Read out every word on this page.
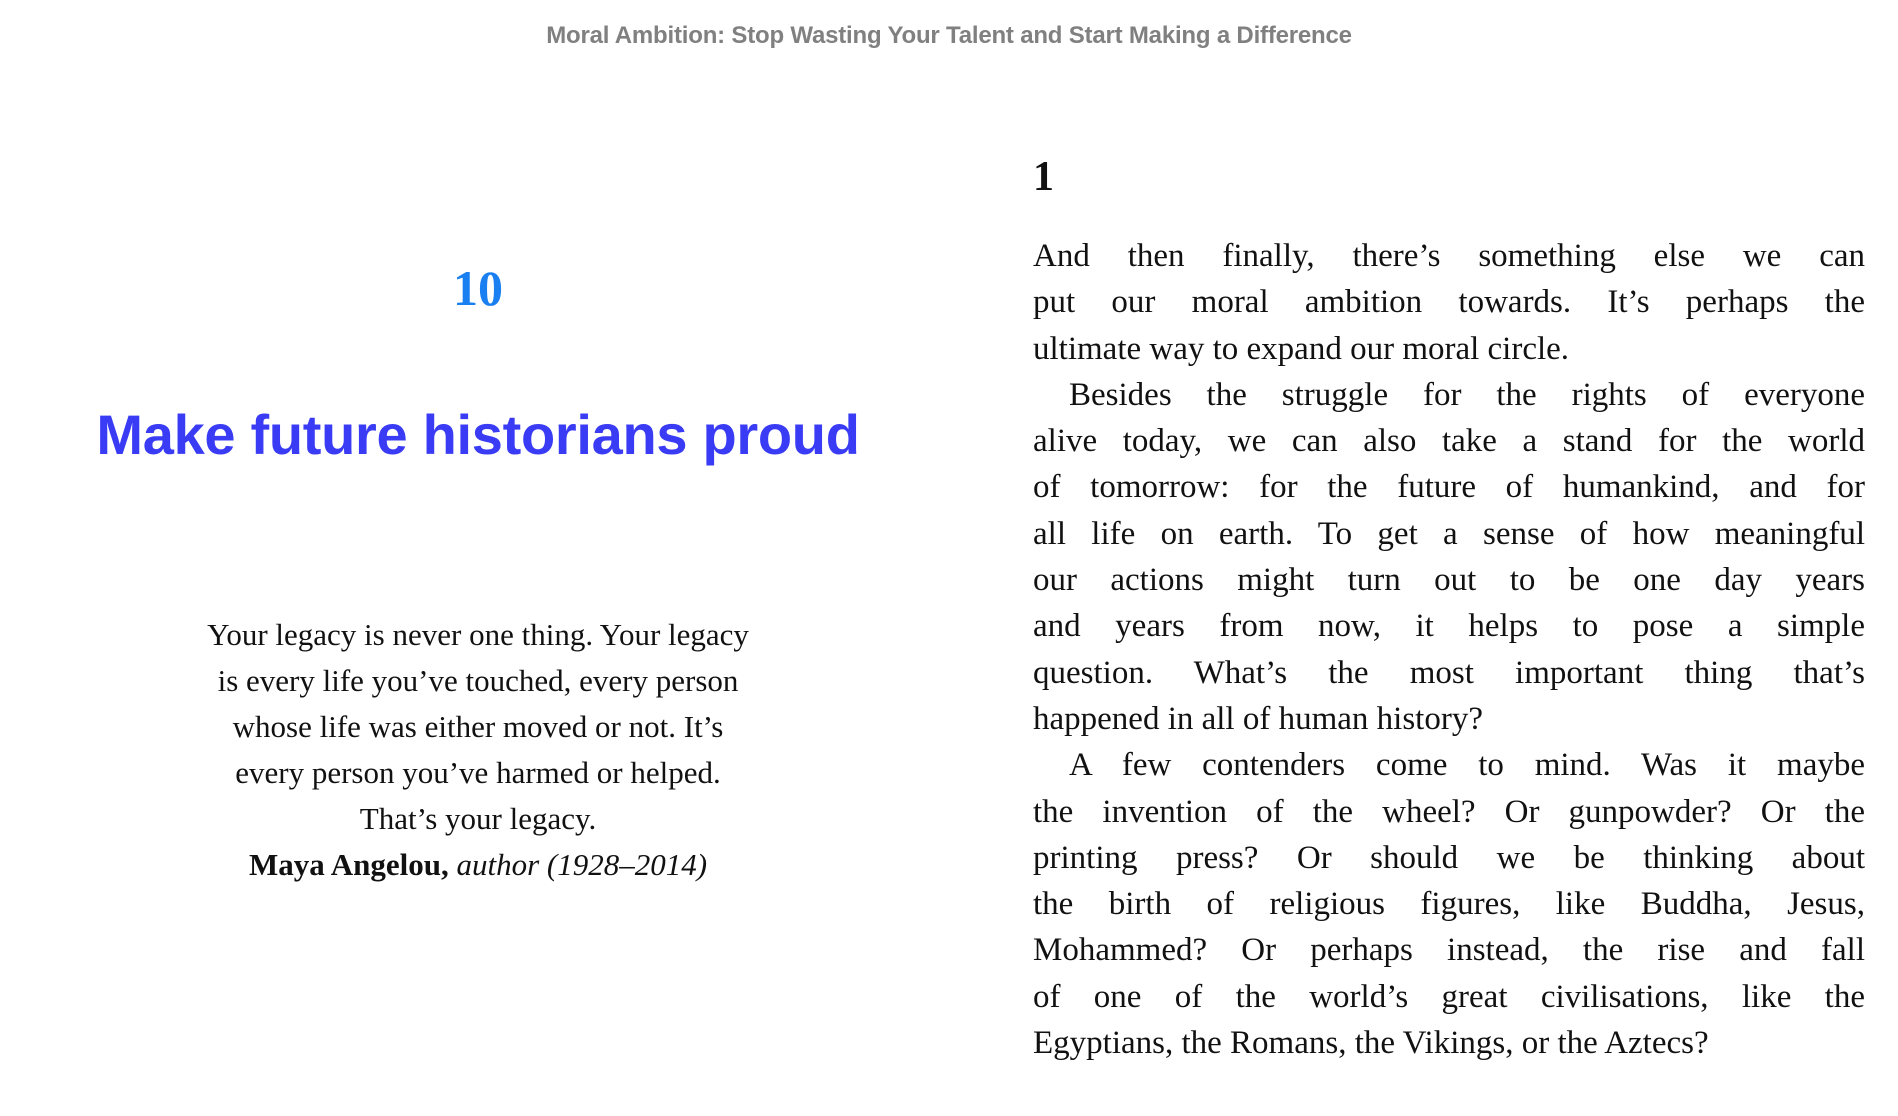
Moral Ambition: Stop Wasting Your Talent and Start Making a Difference
10
Make future historians proud
Your legacy is never one thing. Your legacy
is every life you’ve touched, every person
whose life was either moved or not. It’s
every person you’ve harmed or helped.
That’s your legacy.
Maya Angelou, author (1928–2014)
1
And then finally, there’s something else we can
put our moral ambition towards. It’s perhaps the
ultimate way to expand our moral circle.
Besides the struggle for the rights of everyone
alive today, we can also take a stand for the world
of tomorrow: for the future of humankind, and for
all life on earth. To get a sense of how meaningful
our actions might turn out to be one day years
and years from now, it helps to pose a simple
question. What’s the most important thing that’s
happened in all of human history?
A few contenders come to mind. Was it maybe
the invention of the wheel? Or gunpowder? Or the
printing press? Or should we be thinking about
the birth of religious figures, like Buddha, Jesus,
Mohammed? Or perhaps instead, the rise and fall
of one of the world’s great civilisations, like the
Egyptians, the Romans, the Vikings, or the Aztecs?
